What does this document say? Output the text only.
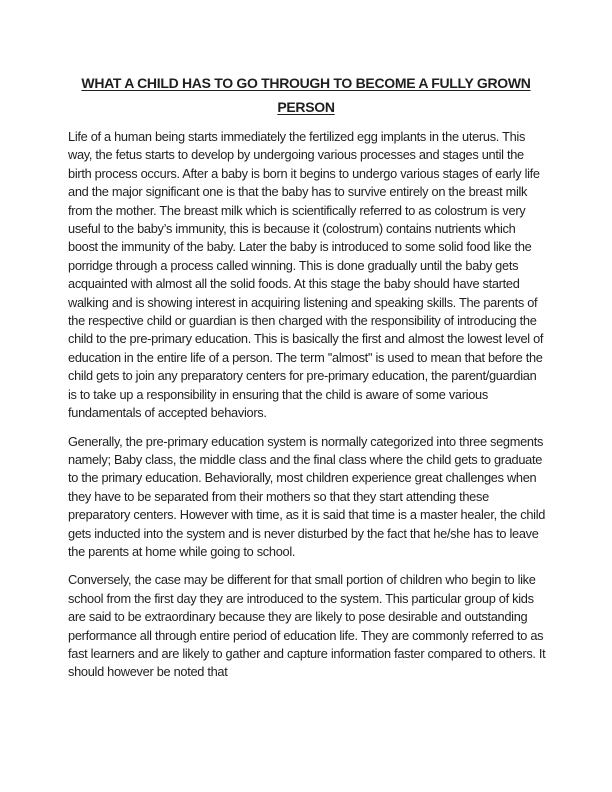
WHAT A CHILD HAS TO GO THROUGH TO BECOME A FULLY GROWN PERSON

Life of a human being starts immediately the fertilized egg implants in the uterus. This way, the fetus starts to develop by undergoing various processes and stages until the birth process occurs. After a baby is born it begins to undergo various stages of early life and the major significant one is that the baby has to survive entirely on the breast milk from the mother. The breast milk which is scientifically referred to as colostrum is very useful to the baby’s immunity, this is because it (colostrum) contains nutrients which boost the immunity of the baby. Later the baby is introduced to some solid food like the porridge through a process called winning. This is done gradually until the baby gets acquainted with almost all the solid foods. At this stage the baby should have started walking and is showing interest in acquiring listening and speaking skills. The parents of the respective child or guardian is then charged with the responsibility of introducing the child to the pre-primary education. This is basically the first and almost the lowest level of education in the entire life of a person. The term ''almost'' is used to mean that before the child gets to join any preparatory centers for pre-primary education, the parent/guardian is to take up a responsibility in ensuring that the child is aware of some various fundamentals of accepted behaviors.

Generally, the pre-primary education system is normally categorized into three segments namely; Baby class, the middle class and the final class where the child gets to graduate to the primary education. Behaviorally, most children experience great challenges when they have to be separated from their mothers so that they start attending these preparatory centers. However with time, as it is said that time is a master healer, the child gets inducted into the system and is never disturbed by the fact that he/she has to leave the parents at home while going to school.

Conversely, the case may be different for that small portion of children who begin to like school from the first day they are introduced to the system. This particular group of kids are said to be extraordinary because they are likely to pose desirable and outstanding performance all through entire period of education life. They are commonly referred to as fast learners and are likely to gather and capture information faster compared to others. It should however be noted that
